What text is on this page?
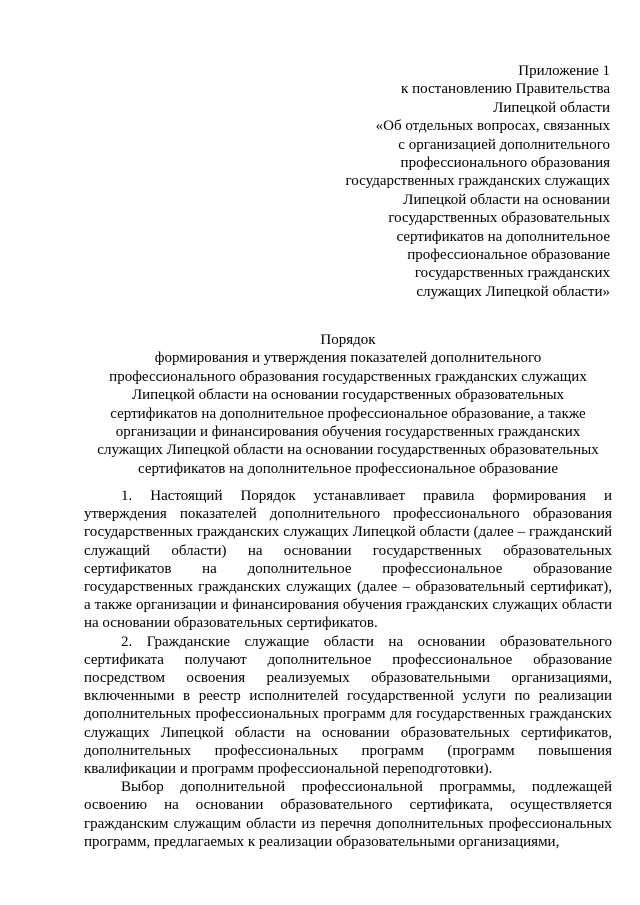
Приложение 1
к постановлению Правительства
Липецкой области
«Об отдельных вопросах, связанных
с организацией дополнительного
профессионального образования
государственных гражданских служащих
Липецкой области на основании
государственных образовательных
сертификатов на дополнительное
профессиональное образование
государственных гражданских
служащих Липецкой области»
Порядок
формирования и утверждения показателей дополнительного
профессионального образования государственных гражданских служащих
Липецкой области на основании государственных образовательных
сертификатов на дополнительное профессиональное образование, а также
организации и финансирования обучения государственных гражданских
служащих Липецкой области на основании государственных образовательных
сертификатов на дополнительное профессиональное образование

1. Настоящий Порядок устанавливает правила формирования и утверждения показателей дополнительного профессионального образования государственных гражданских служащих Липецкой области (далее – гражданский служащий области) на основании государственных образовательных сертификатов на дополнительное профессиональное образование государственных гражданских служащих (далее – образовательный сертификат), а также организации и финансирования обучения гражданских служащих области на основании образовательных сертификатов.

2. Гражданские служащие области на основании образовательного сертификата получают дополнительное профессиональное образование посредством освоения реализуемых образовательными организациями, включенными в реестр исполнителей государственной услуги по реализации дополнительных профессиональных программ для государственных гражданских служащих Липецкой области на основании образовательных сертификатов, дополнительных профессиональных программ (программ повышения квалификации и программ профессиональной переподготовки).

Выбор дополнительной профессиональной программы, подлежащей освоению на основании образовательного сертификата, осуществляется гражданским служащим области из перечня дополнительных профессиональных программ, предлагаемых к реализации образовательными организациями,
